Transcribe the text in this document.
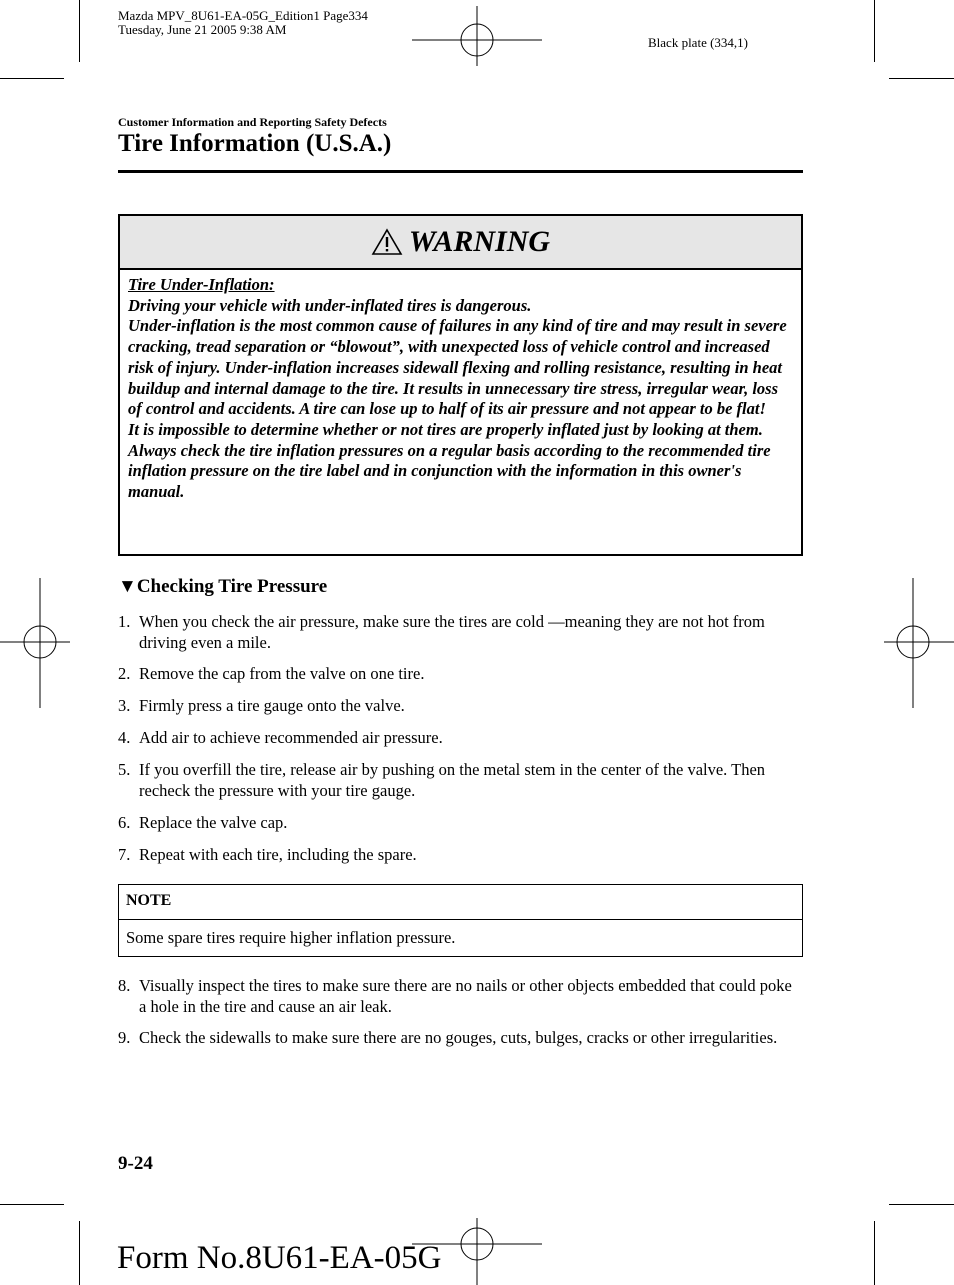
Mazda MPV_8U61-EA-05G_Edition1 Page334
Tuesday, June 21 2005 9:38 AM
Black plate (334,1)
Customer Information and Reporting Safety Defects
Tire Information (U.S.A.)
WARNING

Tire Under-Inflation:

Driving your vehicle with under-inflated tires is dangerous.

Under-inflation is the most common cause of failures in any kind of tire and may result in severe cracking, tread separation or “blowout”, with unexpected loss of vehicle control and increased risk of injury. Under-inflation increases sidewall flexing and rolling resistance, resulting in heat buildup and internal damage to the tire. It results in unnecessary tire stress, irregular wear, loss of control and accidents. A tire can lose up to half of its air pressure and not appear to be flat!

It is impossible to determine whether or not tires are properly inflated just by looking at them.

Always check the tire inflation pressures on a regular basis according to the recommended tire inflation pressure on the tire label and in conjunction with the information in this owner's manual.

▼Checking Tire Pressure
1. When you check the air pressure, make sure the tires are cold ―meaning they are not hot from driving even a mile.
2. Remove the cap from the valve on one tire.
3. Firmly press a tire gauge onto the valve.
4. Add air to achieve recommended air pressure.
5. If you overfill the tire, release air by pushing on the metal stem in the center of the valve. Then recheck the pressure with your tire gauge.
6. Replace the valve cap.
7. Repeat with each tire, including the spare.
NOTE
Some spare tires require higher inflation pressure.
8. Visually inspect the tires to make sure there are no nails or other objects embedded that could poke a hole in the tire and cause an air leak.
9. Check the sidewalls to make sure there are no gouges, cuts, bulges, cracks or other irregularities.
9-24
Form No.8U61-EA-05G
